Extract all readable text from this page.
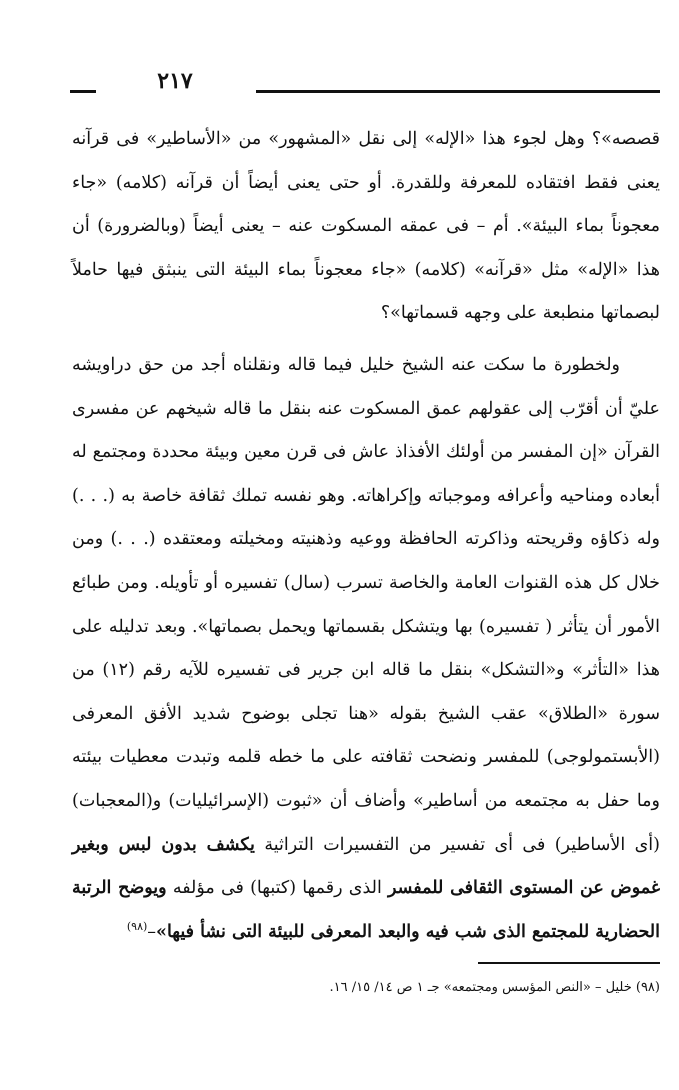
٢١٧

قصصه»؟ وهل لجوء هذا «الإله» إلى نقل «المشهور» من «الأساطير» فى قرآنه يعنى فقط افتقاده للمعرفة وللقدرة. أو حتى يعنى أيضاً أن قرآنه (كلامه) «جاء معجوناً بماء البيئة». أم – فى عمقه المسكوت عنه – يعنى أيضاً (وبالضرورة) أن هذا «الإله» مثل «قرآنه» (كلامه) «جاء معجوناً بماء البيئة التى ينبثق فيها حاملاً لبصماتها منطبعة على وجهه قسماتها»؟

ولخطورة ما سكت عنه الشيخ خليل فيما قاله ونقلناه أجد من حق دراويشه عليّ أن أقرّب إلى عقولهم عمق المسكوت عنه بنقل ما قاله شيخهم عن مفسرى القرآن «إن المفسر من أولئك الأفذاذ عاش فى قرن معين وبيئة محددة ومجتمع له أبعاده ومناحيه وأعرافه وموجباته وإكراهاته. وهو نفسه تملك ثقافة خاصة به (. . .) وله ذكاؤه وقريحته وذاكرته الحافظة ووعيه وذهنيته ومخيلته ومعتقده (. . .) ومن خلال كل هذه القنوات العامة والخاصة تسرب (سال) تفسيره أو تأويله. ومن طبائع الأمور أن يتأثر ( تفسيره) بها ويتشكل بقسماتها ويحمل بصماتها». وبعد تدليله على هذا «التأثر» و«التشكل» بنقل ما قاله ابن جرير فى تفسيره للآيه رقم (١٢) من سورة «الطلاق» عقب الشيخ بقوله «هنا تجلى بوضوح شديد الأفق المعرفى (الأبستمولوجى) للمفسر ونضحت ثقافته على ما خطه قلمه وتبدت معطيات بيئته وما حفل به مجتمعه من أساطير» وأضاف أن «ثبوت (الإسرائيليات) و(المعجبات) (أى الأساطير) فى أى تفسير من التفسيرات التراثية يكشف بدون لبس وبغير غموض عن المستوى الثقافى للمفسر الذى رقمها (كتبها) فى مؤلفه ويوضح الرتبة الحضارية للمجتمع الذى شب فيه والبعد المعرفى للبيئة التى نشأ فيها»–$^{(٩٨)}$

(٩٨) خليل – «النص المؤسس ومجتمعه» جـ ١ ص ١٤/ ١٥/ ١٦.
